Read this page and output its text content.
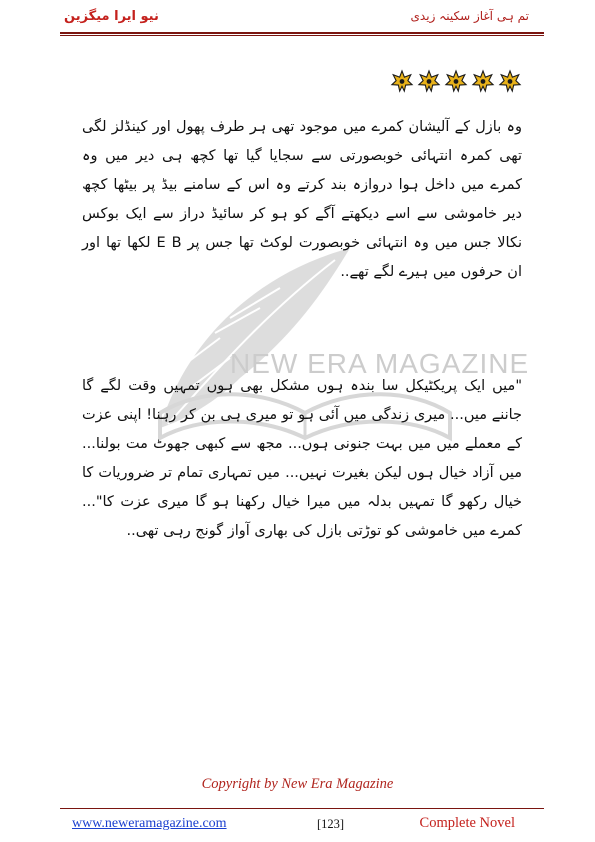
نیو ایرا میگزین	تم ہی آغاز سکینہ زیدی
NEW ERA MAGAZINE
وہ بازل کے آلیشان کمرے میں موجود تھی ہر طرف پھول اور کینڈلز لگی تھی کمرہ انتہائی خوبصورتی سے سجایا گیا تھا کچھ ہی دیر میں وہ کمرے میں داخل ہوا دروازہ بند کرتے وہ اس کے سامنے بیڈ پر بیٹھا کچھ دیر خاموشی سے اسے دیکھتے آگے کو ہو کر سائیڈ دراز سے ایک بوکس نکالا جس میں وہ انتہائی خوبصورت لوکٹ تھا جس پر E B لکھا تھا اور ان حرفوں میں ہیرے لگے تھے..
"میں ایک پریکٹیکل سا بندہ ہوں مشکل بھی ہوں تمہیں وقت لگے گا جاننے میں... میری زندگی میں آئی ہو تو میری ہی بن کر رہنا! اپنی عزت کے معملے میں میں بہت جنونی ہوں... مجھ سے کبھی جھوٹ مت بولنا... میں آزاد خیال ہوں لیکن بغیرت نہیں... میں تمہاری تمام تر ضروریات کا خیال رکھو گا تمہیں بدلہ میں میرا خیال رکھنا ہو گا میری عزت کا"... کمرے میں خاموشی کو توڑتی بازل کی بھاری آواز گونج رہی تھی..
Copyright by New Era Magazine
www.neweramagazine.com	[123]	Complete Novel
